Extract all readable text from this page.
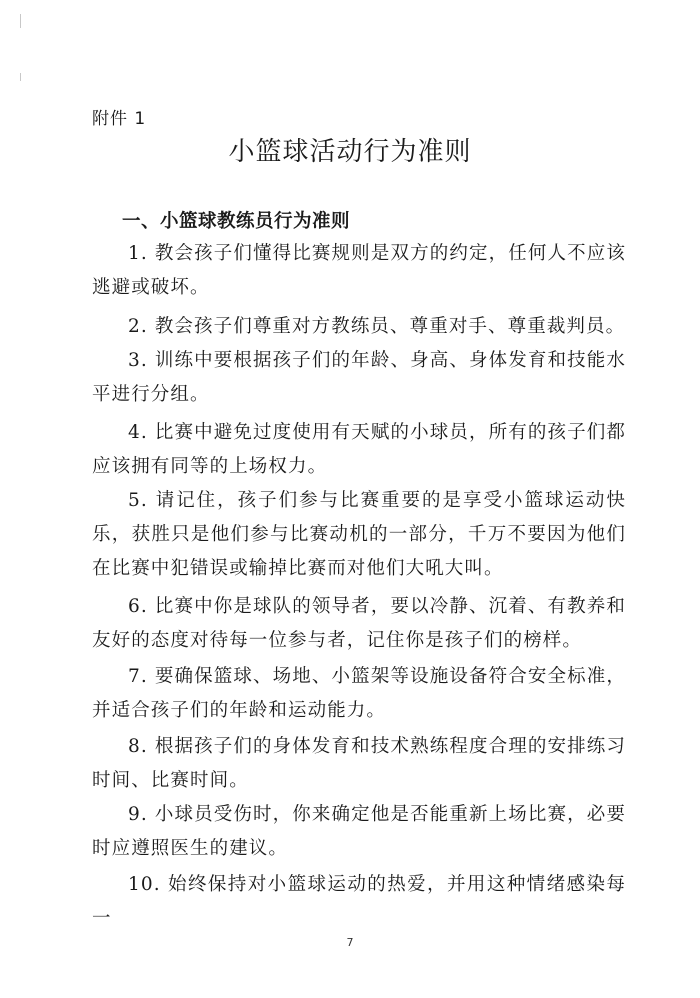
附件 1
小篮球活动行为准则
一、小篮球教练员行为准则

1. 教会孩子们懂得比赛规则是双方的约定，任何人不应该逃避或破坏。

2. 教会孩子们尊重对方教练员、尊重对手、尊重裁判员。

3. 训练中要根据孩子们的年龄、身高、身体发育和技能水平进行分组。

4. 比赛中避免过度使用有天赋的小球员，所有的孩子们都应该拥有同等的上场权力。

5. 请记住，孩子们参与比赛重要的是享受小篮球运动快乐，获胜只是他们参与比赛动机的一部分，千万不要因为他们在比赛中犯错误或输掉比赛而对他们大吼大叫。

6. 比赛中你是球队的领导者，要以冷静、沉着、有教养和友好的态度对待每一位参与者，记住你是孩子们的榜样。

7. 要确保篮球、场地、小篮架等设施设备符合安全标准，并适合孩子们的年龄和运动能力。

8. 根据孩子们的身体发育和技术熟练程度合理的安排练习时间、比赛时间。

9. 小球员受伤时，你来确定他是否能重新上场比赛，必要时应遵照医生的建议。

10. 始终保持对小篮球运动的热爱，并用这种情绪感染每一

7
